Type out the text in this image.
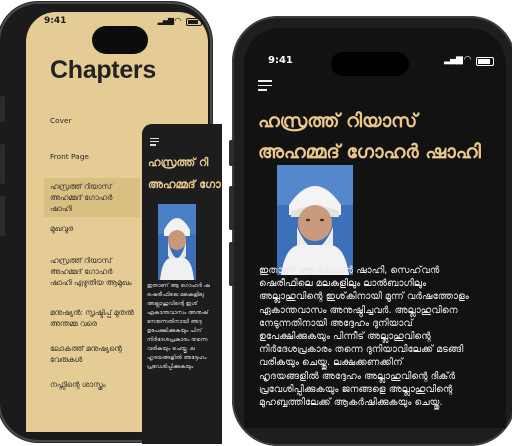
9:41	▂▄▆ ◠
Chapters
Cover
Front Page
ഹസ്രത്ത് റിയാസ് അഹമ്മദ് ഗോഹർ ഷാഹി
മുഖവുര
ഹസ്രത്ത് റിയാസ് അഹമ്മദ് ഗോഹർ ഷാഹി എഴുതിയ ആമുഖം
മനുഷ്യൻ: സൃഷ്ടിപ്പ് മുതൽ അന്തമ്മ വരെ
ലോകത്ത് മനുഷ്യന്റെ വേരുകൾ
നഫ്സിന്റെ ശാസ്ത്രം
ഹസ്രത്ത് റി
അഹമ്മദ് ഗോ
ഇതാണ് ആ ഗോഹർ ഷ
ഷെരീഫിലെ മലകളിലു
അല്ലാഹുവിന്റെ ഇശ്
ഏകാന്തവാസം അനുഷ്
നേരുന്നതിനായി അദ്ദ
ഉപേക്ഷിക്കുകയും പിന്
നിർദേശപ്രകാരം തന്നെ
വരികയും ചെയ്തു. ല
ഹൃദയങ്ങളിൽ അദ്ദേഹം
പ്രവേശിപ്പിക്കുകയും
9:41	▂▄▆ ◠
ഹസ്രത്ത് റിയാസ്
അഹമ്മദ് ഗോഹർ ഷാഹി
ഇതാണ് ആ ഗോഹർ ഷാഹി, സെഹ്‌വൻ
ഷെരീഫിലെ മലകളിലും ലാൽബാഗിലും
അല്ലാഹുവിന്റെ ഇശ്‌കിനായി മൂന്ന് വർഷത്തോളം
ഏകാന്തവാസം അനുഷ്ഠിച്ചവർ. അല്ലാഹുവിനെ
നേടുന്നതിനായി അദ്ദേഹം ദുനിയാവ്
ഉപേക്ഷിക്കുകയും പിന്നീട് അല്ലാഹുവിന്റെ
നിർദേശപ്രകാരം തന്നെ ദുനിയാവിലേക്ക് മടങ്ങി
വരികയും ചെയ്തു. ലക്ഷക്കണക്കിന്
ഹൃദയങ്ങളിൽ അദ്ദേഹം അല്ലാഹുവിന്റെ ദിക്ർ
പ്രവേശിപ്പിക്കുകയും ജനങ്ങളെ അല്ലാഹുവിന്റെ
മുഹബ്ബത്തിലേക്ക് ആകർഷിക്കുകയും ചെയ്തു.
